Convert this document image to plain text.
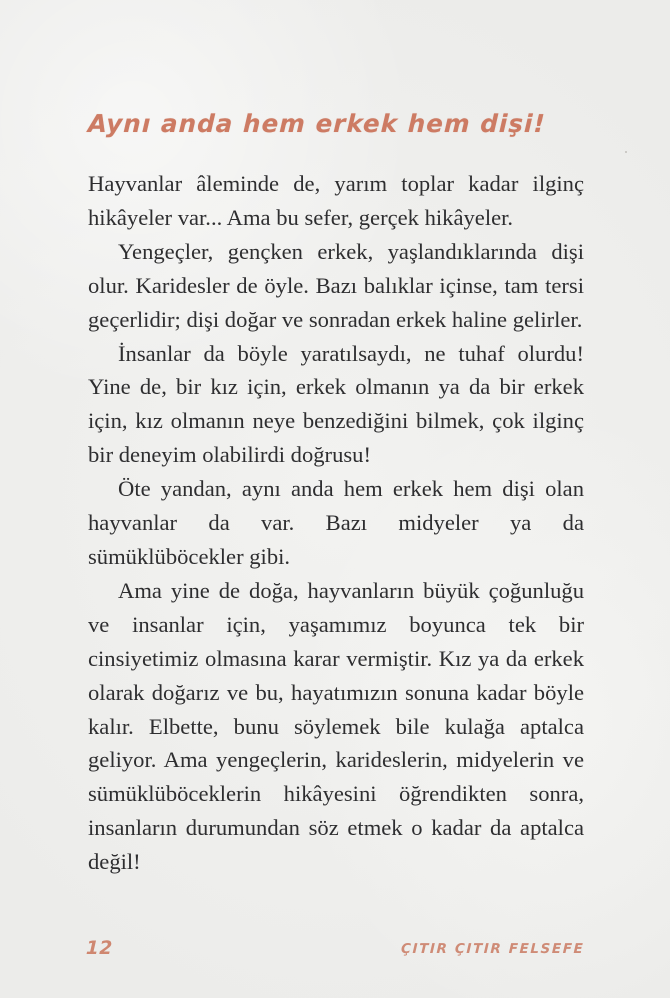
Aynı anda hem erkek hem dişi!

Hayvanlar âleminde de, yarım toplar kadar ilginç hikâyeler var... Ama bu sefer, gerçek hikâyeler.

Yengeçler, gençken erkek, yaşlandıklarında dişi olur. Karidesler de öyle. Bazı balıklar içinse, tam tersi geçerlidir; dişi doğar ve sonradan erkek haline gelirler.

İnsanlar da böyle yaratılsaydı, ne tuhaf olurdu! Yine de, bir kız için, erkek olmanın ya da bir erkek için, kız olmanın neye benzediğini bilmek, çok ilginç bir deneyim olabilirdi doğrusu!

Öte yandan, aynı anda hem erkek hem dişi olan hayvanlar da var. Bazı midyeler ya da sümüklüböcekler gibi.

Ama yine de doğa, hayvanların büyük çoğunluğu ve insanlar için, yaşamımız boyunca tek bir cinsiyetimiz olmasına karar vermiştir. Kız ya da erkek olarak doğarız ve bu, hayatımızın sonuna kadar böyle kalır. Elbette, bunu söylemek bile kulağa aptalca geliyor. Ama yengeçlerin, karideslerin, midyelerin ve sümüklüböceklerin hikâyesini öğrendikten sonra, insanların durumundan söz etmek o kadar da aptalca değil!

12	ÇITIR ÇITIR FELSEFE
